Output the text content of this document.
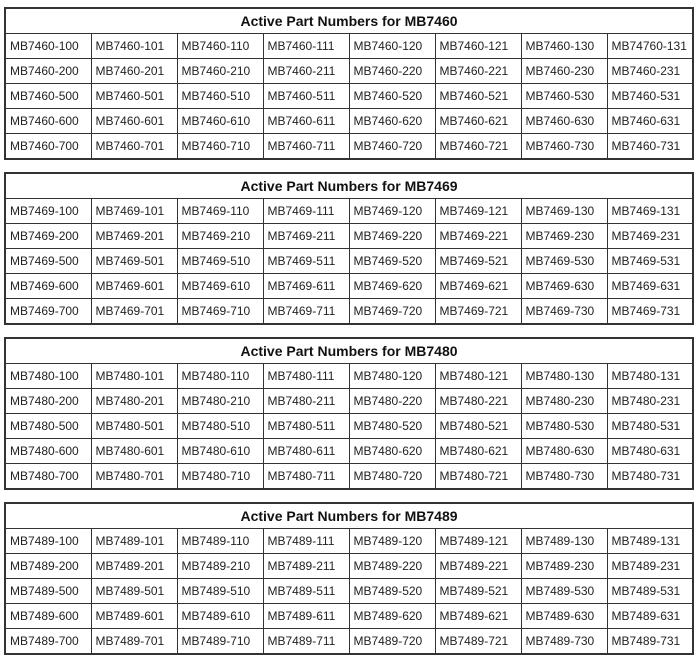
Active Part Numbers for MB7460							
MB7460-100	MB7460-101	MB7460-110	MB7460-111	MB7460-120	MB7460-121	MB7460-130	MB74760-131
MB7460-200	MB7460-201	MB7460-210	MB7460-211	MB7460-220	MB7460-221	MB7460-230	MB7460-231
MB7460-500	MB7460-501	MB7460-510	MB7460-511	MB7460-520	MB7460-521	MB7460-530	MB7460-531
MB7460-600	MB7460-601	MB7460-610	MB7460-611	MB7460-620	MB7460-621	MB7460-630	MB7460-631
MB7460-700	MB7460-701	MB7460-710	MB7460-711	MB7460-720	MB7460-721	MB7460-730	MB7460-731
Active Part Numbers for MB7469							
MB7469-100	MB7469-101	MB7469-110	MB7469-111	MB7469-120	MB7469-121	MB7469-130	MB7469-131
MB7469-200	MB7469-201	MB7469-210	MB7469-211	MB7469-220	MB7469-221	MB7469-230	MB7469-231
MB7469-500	MB7469-501	MB7469-510	MB7469-511	MB7469-520	MB7469-521	MB7469-530	MB7469-531
MB7469-600	MB7469-601	MB7469-610	MB7469-611	MB7469-620	MB7469-621	MB7469-630	MB7469-631
MB7469-700	MB7469-701	MB7469-710	MB7469-711	MB7469-720	MB7469-721	MB7469-730	MB7469-731
Active Part Numbers for MB7480							
MB7480-100	MB7480-101	MB7480-110	MB7480-111	MB7480-120	MB7480-121	MB7480-130	MB7480-131
MB7480-200	MB7480-201	MB7480-210	MB7480-211	MB7480-220	MB7480-221	MB7480-230	MB7480-231
MB7480-500	MB7480-501	MB7480-510	MB7480-511	MB7480-520	MB7480-521	MB7480-530	MB7480-531
MB7480-600	MB7480-601	MB7480-610	MB7480-611	MB7480-620	MB7480-621	MB7480-630	MB7480-631
MB7480-700	MB7480-701	MB7480-710	MB7480-711	MB7480-720	MB7480-721	MB7480-730	MB7480-731
Active Part Numbers for MB7489							
MB7489-100	MB7489-101	MB7489-110	MB7489-111	MB7489-120	MB7489-121	MB7489-130	MB7489-131
MB7489-200	MB7489-201	MB7489-210	MB7489-211	MB7489-220	MB7489-221	MB7489-230	MB7489-231
MB7489-500	MB7489-501	MB7489-510	MB7489-511	MB7489-520	MB7489-521	MB7489-530	MB7489-531
MB7489-600	MB7489-601	MB7489-610	MB7489-611	MB7489-620	MB7489-621	MB7489-630	MB7489-631
MB7489-700	MB7489-701	MB7489-710	MB7489-711	MB7489-720	MB7489-721	MB7489-730	MB7489-731
